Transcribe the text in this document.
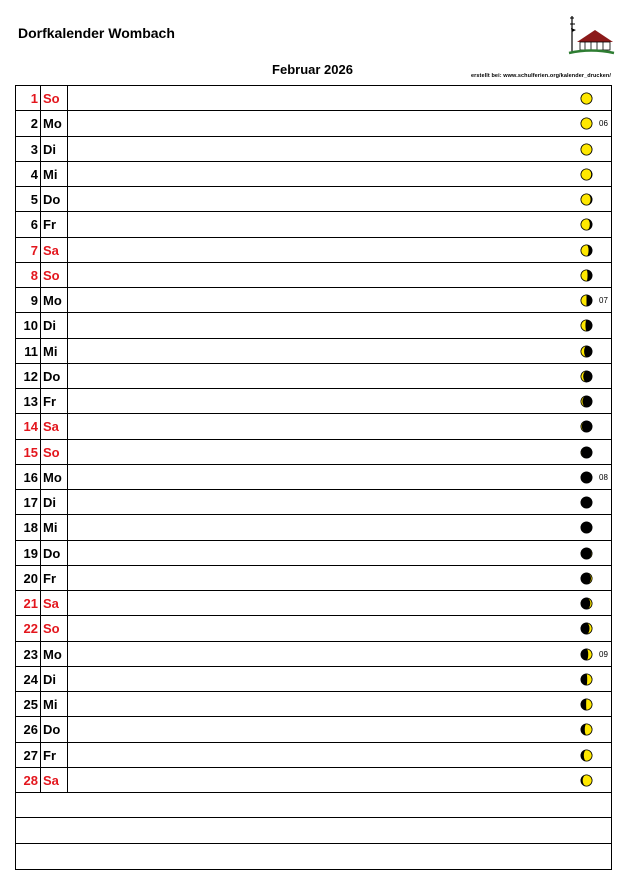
Dorfkalender Wombach
Februar 2026	erstellt bei: www.schulferien.org/kalender_drucken/
1 So
2 Mo	06
3 Di
4 Mi
5 Do
6 Fr
7 Sa
8 So
9 Mo	07
10 Di
11 Mi
12 Do
13 Fr
14 Sa
15 So
16 Mo	08
17 Di
18 Mi
19 Do
20 Fr
21 Sa
22 So
23 Mo	09
24 Di
25 Mi
26 Do
27 Fr
28 Sa
